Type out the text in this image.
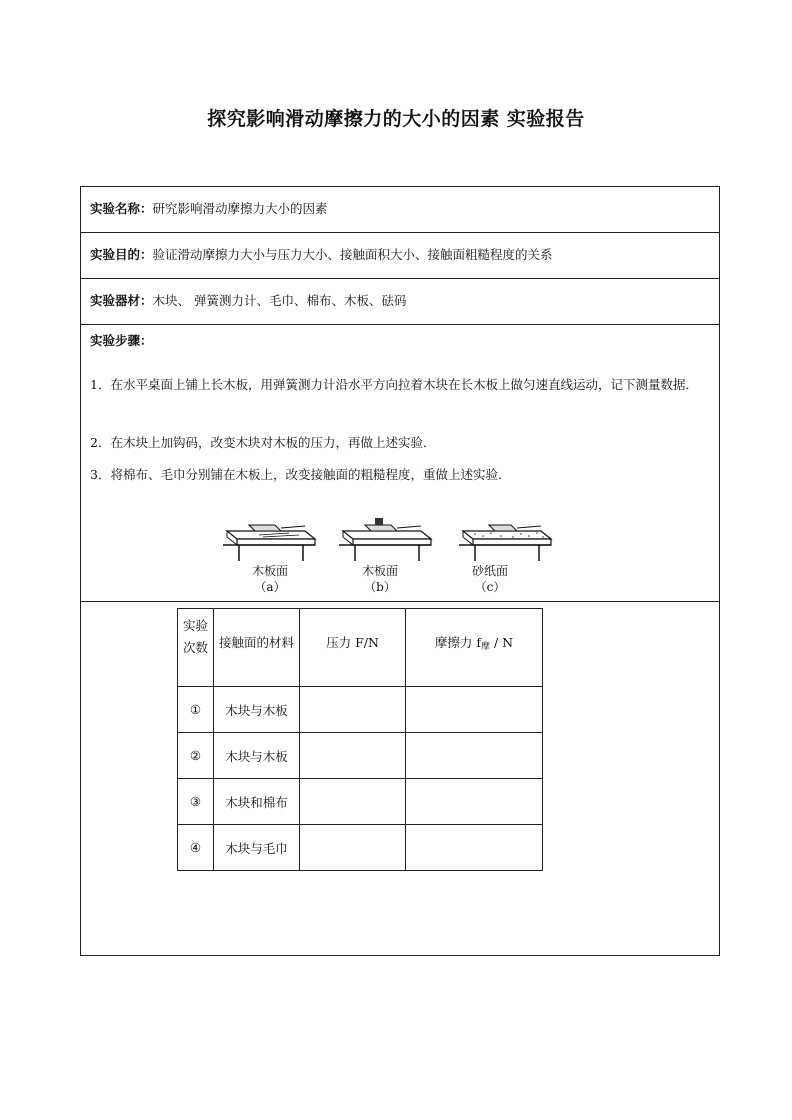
探究影响滑动摩擦力的大小的因素 实验报告
实验名称：研究影响滑动摩擦力大小的因素
实验目的：验证滑动摩擦力大小与压力大小、接触面积大小、接触面粗糙程度的关系
实验器材：木块、 弹簧测力计、毛巾、棉布、木板、砝码

实验步骤：

1．在水平桌面上铺上长木板，用弹簧测力计沿水平方向拉着木块在长木板上做匀速直线运动，记下测量数据．

2．在木块上加钩码，改变木块对木板的压力，再做上述实验．

3．将棉布、毛巾分别铺在木板上，改变接触面的粗糙程度，重做上述实验．

木板面
（a）
木板面
（b）
砂纸面
（c）
实验
次数	接触面的材料	压力 F/N	摩擦力 $f_摩$ / N
①	木块与木板		
②	木块与木板		
③	木块和棉布		
④	木块与毛巾		
